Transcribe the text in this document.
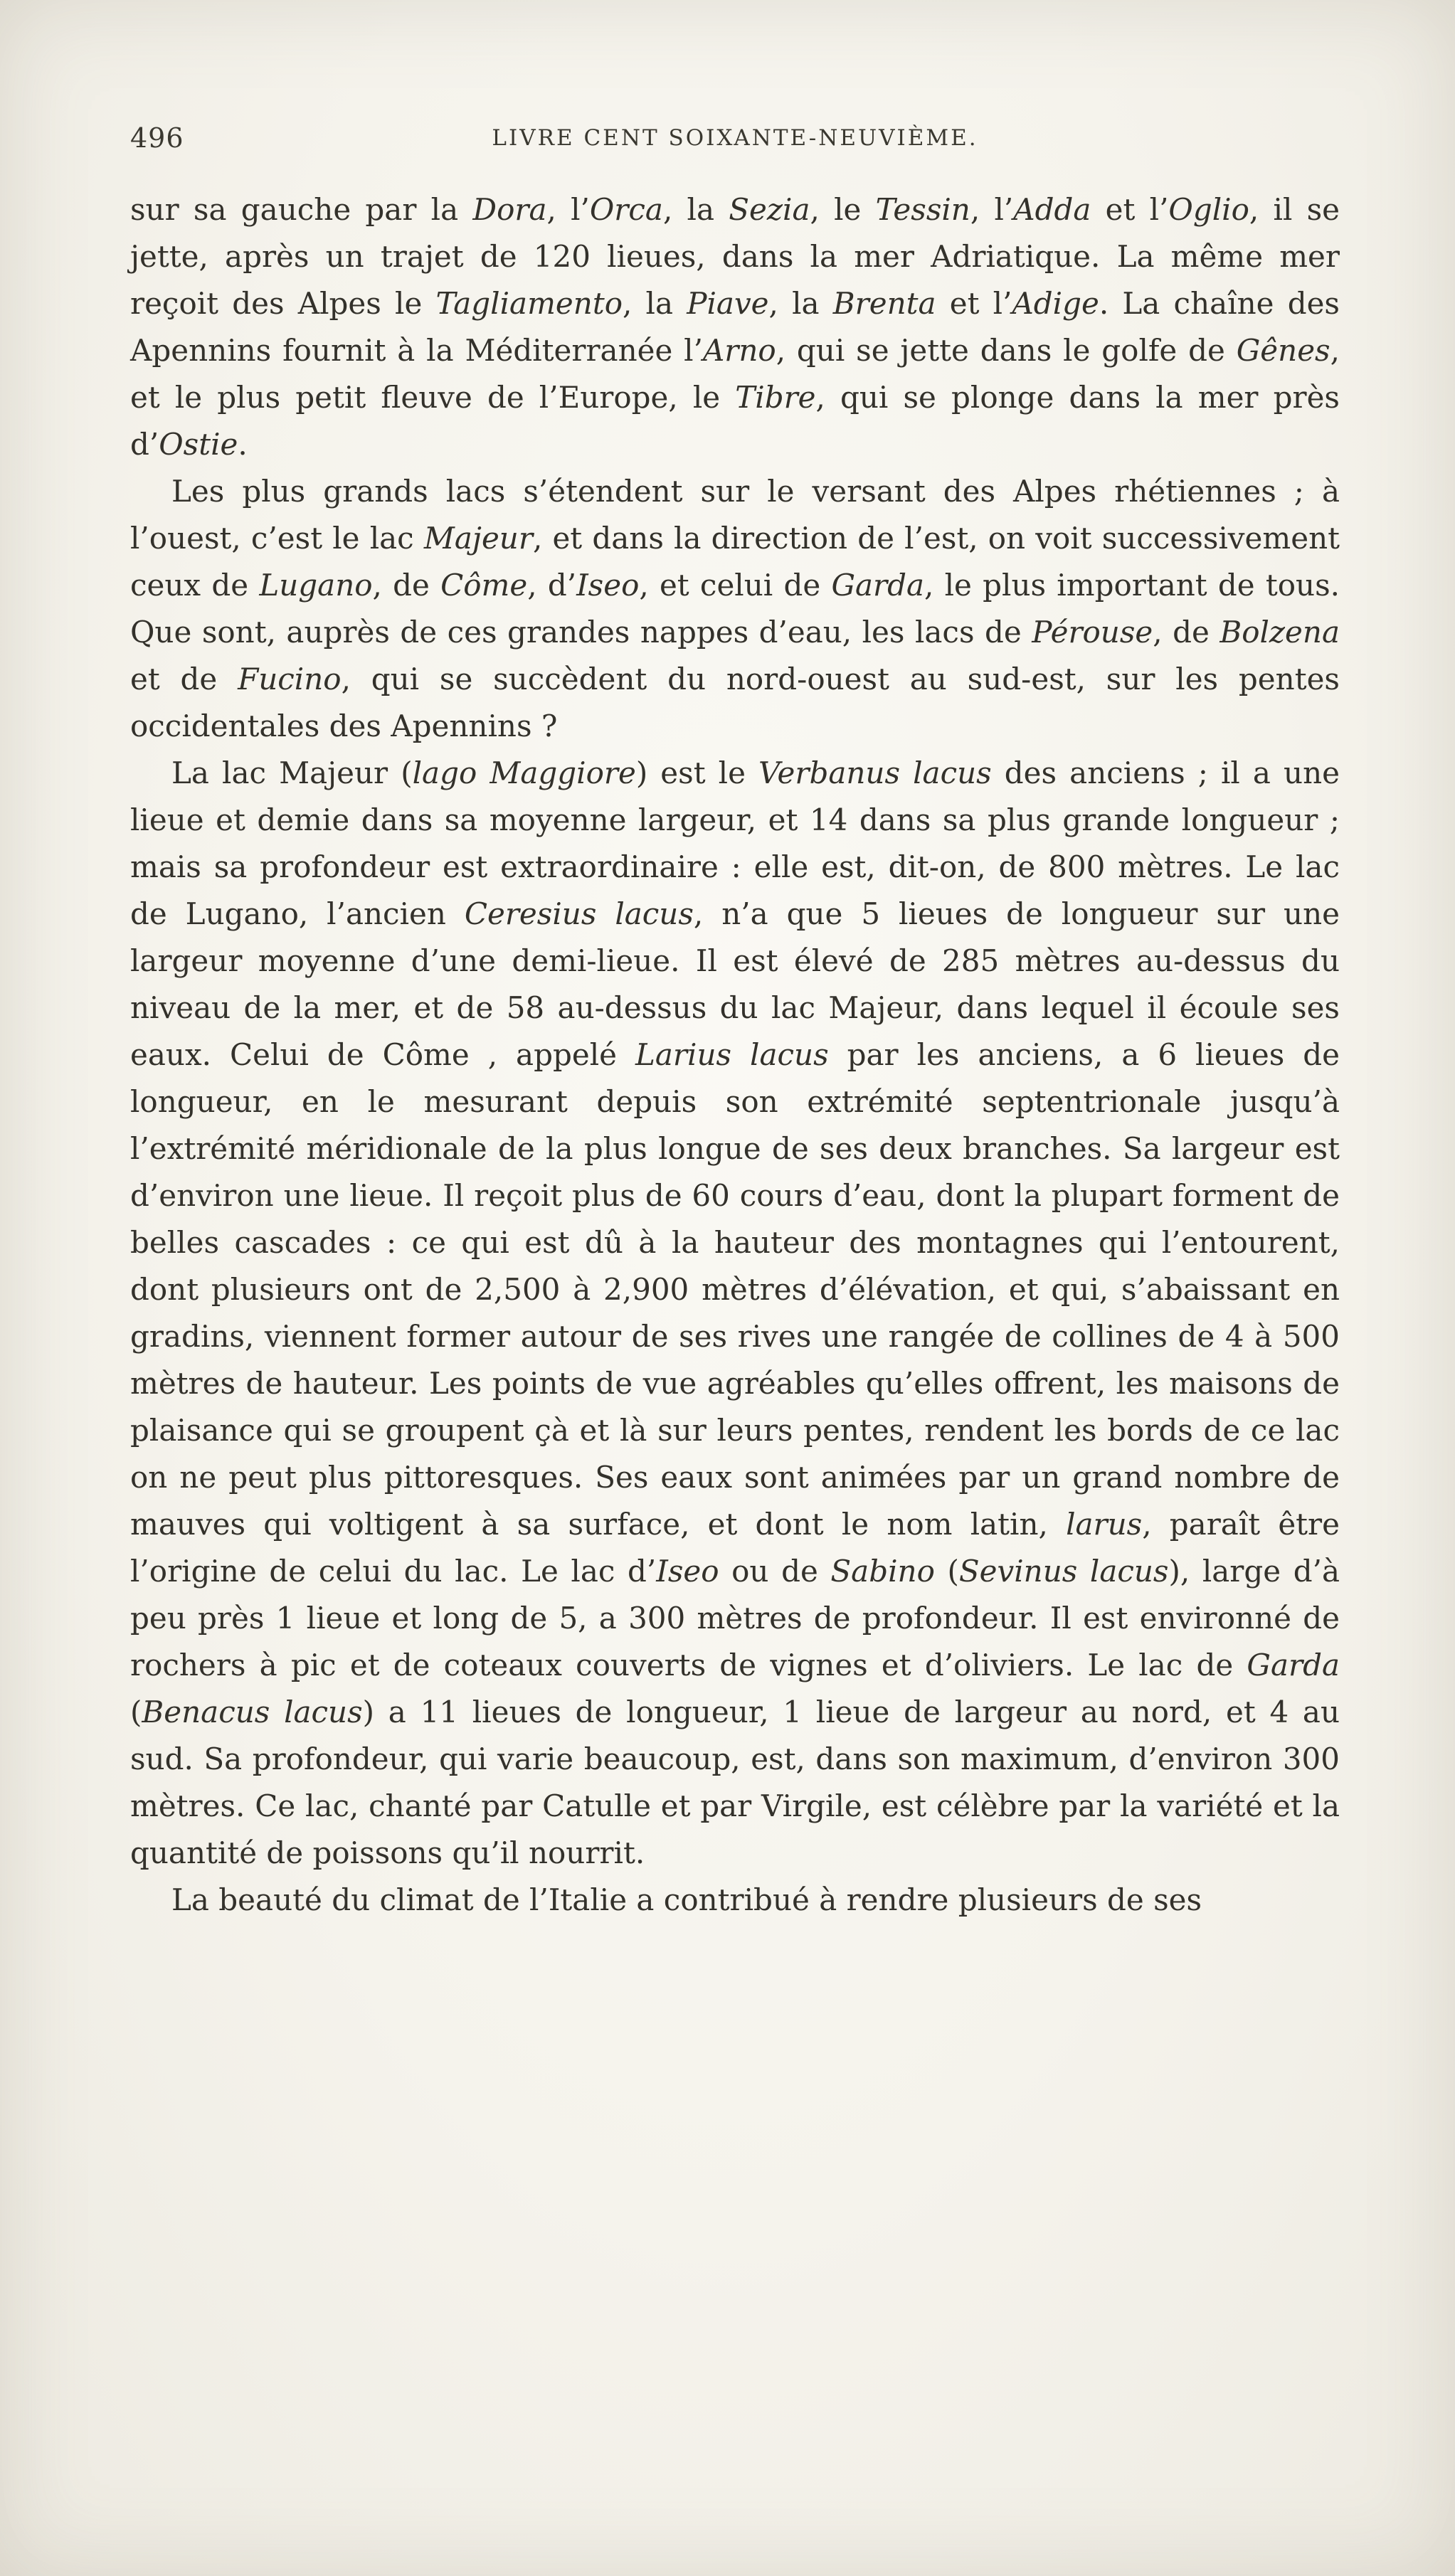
496	LIVRE CENT SOIXANTE-NEUVIÈME.

sur sa gauche par la Dora, l’Orca, la Sezia, le Tessin, l’Adda et l’Oglio, il se jette, après un trajet de 120 lieues, dans la mer Adriatique. La même mer reçoit des Alpes le Tagliamento, la Piave, la Brenta et l’Adige. La chaîne des Apennins fournit à la Méditerranée l’Arno, qui se jette dans le golfe de Gênes, et le plus petit fleuve de l’Europe, le Tibre, qui se plonge dans la mer près d’Ostie.

Les plus grands lacs s’étendent sur le versant des Alpes rhétiennes ; à l’ouest, c’est le lac Majeur, et dans la direction de l’est, on voit successivement ceux de Lugano, de Côme, d’Iseo, et celui de Garda, le plus important de tous. Que sont, auprès de ces grandes nappes d’eau, les lacs de Pérouse, de Bolzena et de Fucino, qui se succèdent du nord-ouest au sud-est, sur les pentes occidentales des Apennins ?

La lac Majeur (lago Maggiore) est le Verbanus lacus des anciens ; il a une lieue et demie dans sa moyenne largeur, et 14 dans sa plus grande longueur ; mais sa profondeur est extraordinaire : elle est, dit-on, de 800 mètres. Le lac de Lugano, l’ancien Ceresius lacus, n’a que 5 lieues de longueur sur une largeur moyenne d’une demi-lieue. Il est élevé de 285 mètres au-dessus du niveau de la mer, et de 58 au-dessus du lac Majeur, dans lequel il écoule ses eaux. Celui de Côme , appelé Larius lacus par les anciens, a 6 lieues de longueur, en le mesurant depuis son extrémité septentrionale jusqu’à l’extrémité méridionale de la plus longue de ses deux branches. Sa largeur est d’environ une lieue. Il reçoit plus de 60 cours d’eau, dont la plupart forment de belles cascades : ce qui est dû à la hauteur des montagnes qui l’entourent, dont plusieurs ont de 2,500 à 2,900 mètres d’élévation, et qui, s’abaissant en gradins, viennent former autour de ses rives une rangée de collines de 4 à 500 mètres de hauteur. Les points de vue agréables qu’elles offrent, les maisons de plaisance qui se groupent çà et là sur leurs pentes, rendent les bords de ce lac on ne peut plus pittoresques. Ses eaux sont animées par un grand nombre de mauves qui voltigent à sa surface, et dont le nom latin, larus, paraît être l’origine de celui du lac. Le lac d’Iseo ou de Sabino (Sevinus lacus), large d’à peu près 1 lieue et long de 5, a 300 mètres de profondeur. Il est environné de rochers à pic et de coteaux couverts de vignes et d’oliviers. Le lac de Garda (Benacus lacus) a 11 lieues de longueur, 1 lieue de largeur au nord, et 4 au sud. Sa profondeur, qui varie beaucoup, est, dans son maximum, d’environ 300 mètres. Ce lac, chanté par Catulle et par Virgile, est célèbre par la variété et la quantité de poissons qu’il nourrit.

La beauté du climat de l’Italie a contribué à rendre plusieurs de ses
